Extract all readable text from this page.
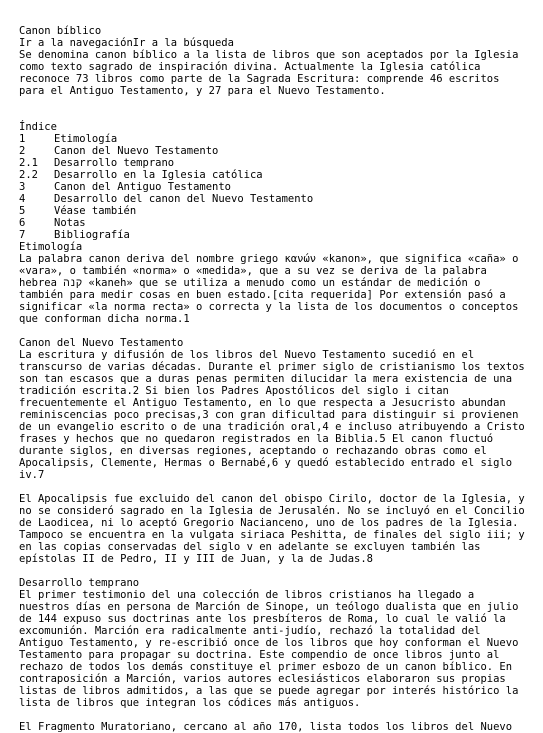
Canon bíblico

Ir a la navegaciónIr a la búsqueda

Se denomina canon bíblico a la lista de libros que son aceptados por la Iglesia como texto sagrado de inspiración divina. Actualmente la Iglesia católica reconoce 73 libros como parte de la Sagrada Escritura: comprende 46 escritos para el Antiguo Testamento, y 27 para el Nuevo Testamento.

Índice

1	Etimología
2	Canon del Nuevo Testamento
2.1	Desarrollo temprano
2.2	Desarrollo en la Iglesia católica
3	Canon del Antiguo Testamento
4	Desarrollo del canon del Nuevo Testamento
5	Véase también
6	Notas
7	Bibliografía

Etimología

La palabra canon deriva del nombre griego κανών «kanon», que significa «caña» o «vara», o también «norma» o «medida», que a su vez se deriva de la palabra hebrea קנה «kaneh» que se utiliza a menudo como un estándar de medición o también para medir cosas en buen estado.[cita requerida] Por extensión pasó a significar «la norma recta» o correcta y la lista de los documentos o conceptos que conforman dicha norma.1

Canon del Nuevo Testamento

La escritura y difusión de los libros del Nuevo Testamento sucedió en el transcurso de varias décadas. Durante el primer siglo de cristianismo los textos son tan escasos que a duras penas permiten dilucidar la mera existencia de una tradición escrita.2 Si bien los Padres Apostólicos del siglo i citan frecuentemente el Antiguo Testamento, en lo que respecta a Jesucristo abundan reminiscencias poco precisas,3 con gran dificultad para distinguir si provienen de un evangelio escrito o de una tradición oral,4 e incluso atribuyendo a Cristo frases y hechos que no quedaron registrados en la Biblia.5 El canon fluctuó durante siglos, en diversas regiones, aceptando o rechazando obras como el Apocalipsis, Clemente, Hermas o Bernabé,6 y quedó establecido entrado el siglo iv.7

El Apocalipsis fue excluido del canon del obispo Cirilo, doctor de la Iglesia, y no se consideró sagrado en la Iglesia de Jerusalén. No se incluyó en el Concilio de Laodicea, ni lo aceptó Gregorio Nacianceno, uno de los padres de la Iglesia. Tampoco se encuentra en la vulgata siriaca Peshitta, de finales del siglo iii; y en las copias conservadas del siglo v en adelante se excluyen también las epístolas II de Pedro, II y III de Juan, y la de Judas.8

Desarrollo temprano

El primer testimonio del una colección de libros cristianos ha llegado a nuestros días en persona de Marción de Sinope, un teólogo dualista que en julio de 144 expuso sus doctrinas ante los presbíteros de Roma, lo cual le valió la excomunión. Marción era radicalmente anti-judío, rechazó la totalidad del Antiguo Testamento, y re-escribió once de los libros que hoy conforman el Nuevo Testamento para propagar su doctrina. Este compendio de once libros junto al rechazo de todos los demás constituye el primer esbozo de un canon bíblico. En contraposición a Marción, varios autores eclesiásticos elaboraron sus propias listas de libros admitidos, a las que se puede agregar por interés histórico la lista de libros que integran los códices más antiguos.

El Fragmento Muratoriano, cercano al año 170, lista todos los libros del Nuevo
